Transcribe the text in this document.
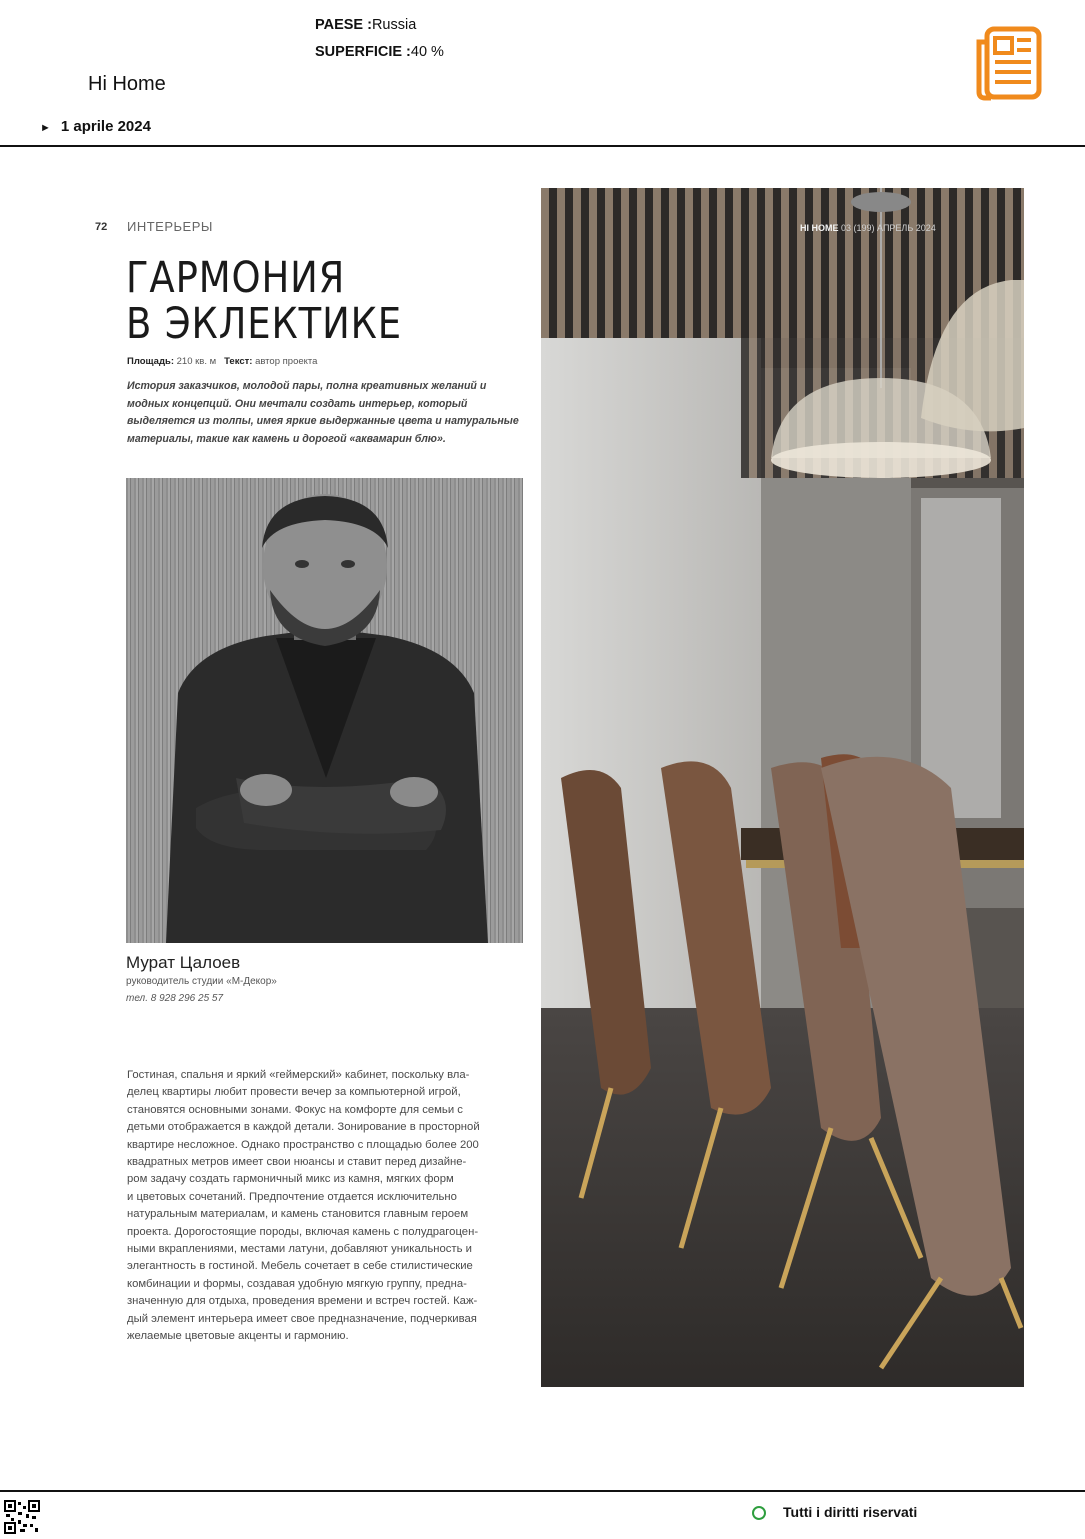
PAESE :Russia
SUPERFICIE :40 %
Hi Home
► 1 aprile 2024
72 ИНТЕРЬЕРЫ
ГАРМОНИЯ
В ЭКЛЕКТИКЕ
Площадь: 210 кв. м Текст: автор проекта
История заказчиков, молодой пары, полна креативных желаний и модных концепций. Они мечтали создать интерьер, который выделяется из толпы, имея яркие выдержанные цвета и натуральные материалы, такие как камень и дорогой «аквамарин блю».
Мурат Цалоев
руководитель студии «М-Декор»
тел. 8 928 296 25 57
Гостиная, спальня и яркий «геймерский» кабинет, поскольку вла-
делец квартиры любит провести вечер за компьютерной игрой,
становятся основными зонами. Фокус на комфорте для семьи с
детьми отображается в каждой детали. Зонирование в просторной
квартире несложное. Однако пространство с площадью более 200
квадратных метров имеет свои нюансы и ставит перед дизайне-
ром задачу создать гармоничный микс из камня, мягких форм
и цветовых сочетаний. Предпочтение отдается исключительно
натуральным материалам, и камень становится главным героем
проекта. Дорогостоящие породы, включая камень с полудрагоцен-
ными вкраплениями, местами латуни, добавляют уникальность и
элегантность в гостиной. Мебель сочетает в себе стилистические
комбинации и формы, создавая удобную мягкую группу, предна-
значенную для отдыха, проведения времени и встреч гостей. Каж-
дый элемент интерьера имеет свое предназначение, подчеркивая
желаемые цветовые акценты и гармонию.
HI HOME 03 (199) АПРЕЛЬ 2024
Tutti i diritti riservati
